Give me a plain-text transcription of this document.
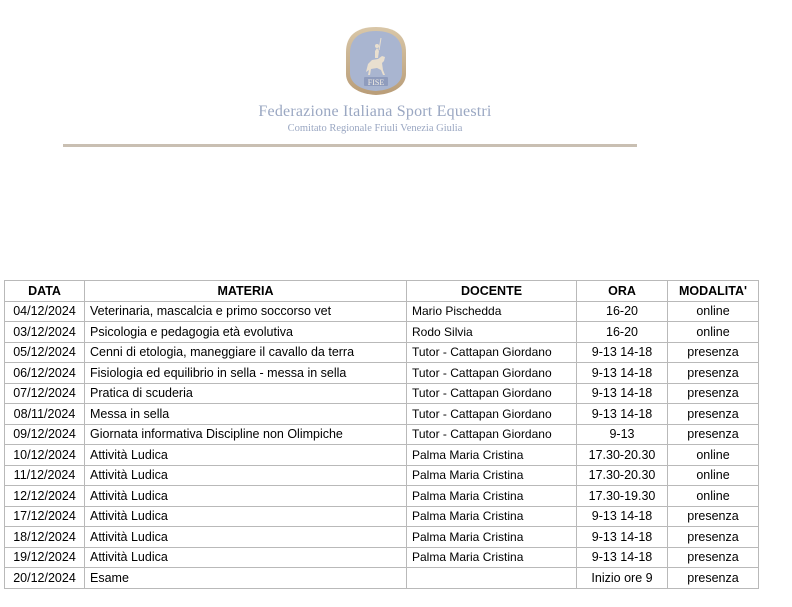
FISE
Federazione Italiana Sport Equestri
Comitato Regionale Friuli Venezia Giulia
DATA	MATERIA	DOCENTE	ORA	MODALITA'
04/12/2024	Veterinaria, mascalcia e primo soccorso vet	Mario Pischedda	16-20	online
03/12/2024	Psicologia e pedagogia età evolutiva	Rodo Silvia	16-20	online
05/12/2024	Cenni di etologia, maneggiare il cavallo da terra	Tutor - Cattapan Giordano	9-13 14-18	presenza
06/12/2024	Fisiologia ed equilibrio in sella - messa in sella	Tutor - Cattapan Giordano	9-13 14-18	presenza
07/12/2024	Pratica di scuderia	Tutor - Cattapan Giordano	9-13 14-18	presenza
08/11/2024	Messa in sella	Tutor - Cattapan Giordano	9-13 14-18	presenza
09/12/2024	Giornata informativa Discipline non Olimpiche	Tutor - Cattapan Giordano	9-13	presenza
10/12/2024	Attività Ludica	Palma Maria Cristina	17.30-20.30	online
11/12/2024	Attività Ludica	Palma Maria Cristina	17.30-20.30	online
12/12/2024	Attività Ludica	Palma Maria Cristina	17.30-19.30	online
17/12/2024	Attività Ludica	Palma Maria Cristina	9-13 14-18	presenza
18/12/2024	Attività Ludica	Palma Maria Cristina	9-13 14-18	presenza
19/12/2024	Attività Ludica	Palma Maria Cristina	9-13 14-18	presenza
20/12/2024	Esame		Inizio ore 9	presenza
